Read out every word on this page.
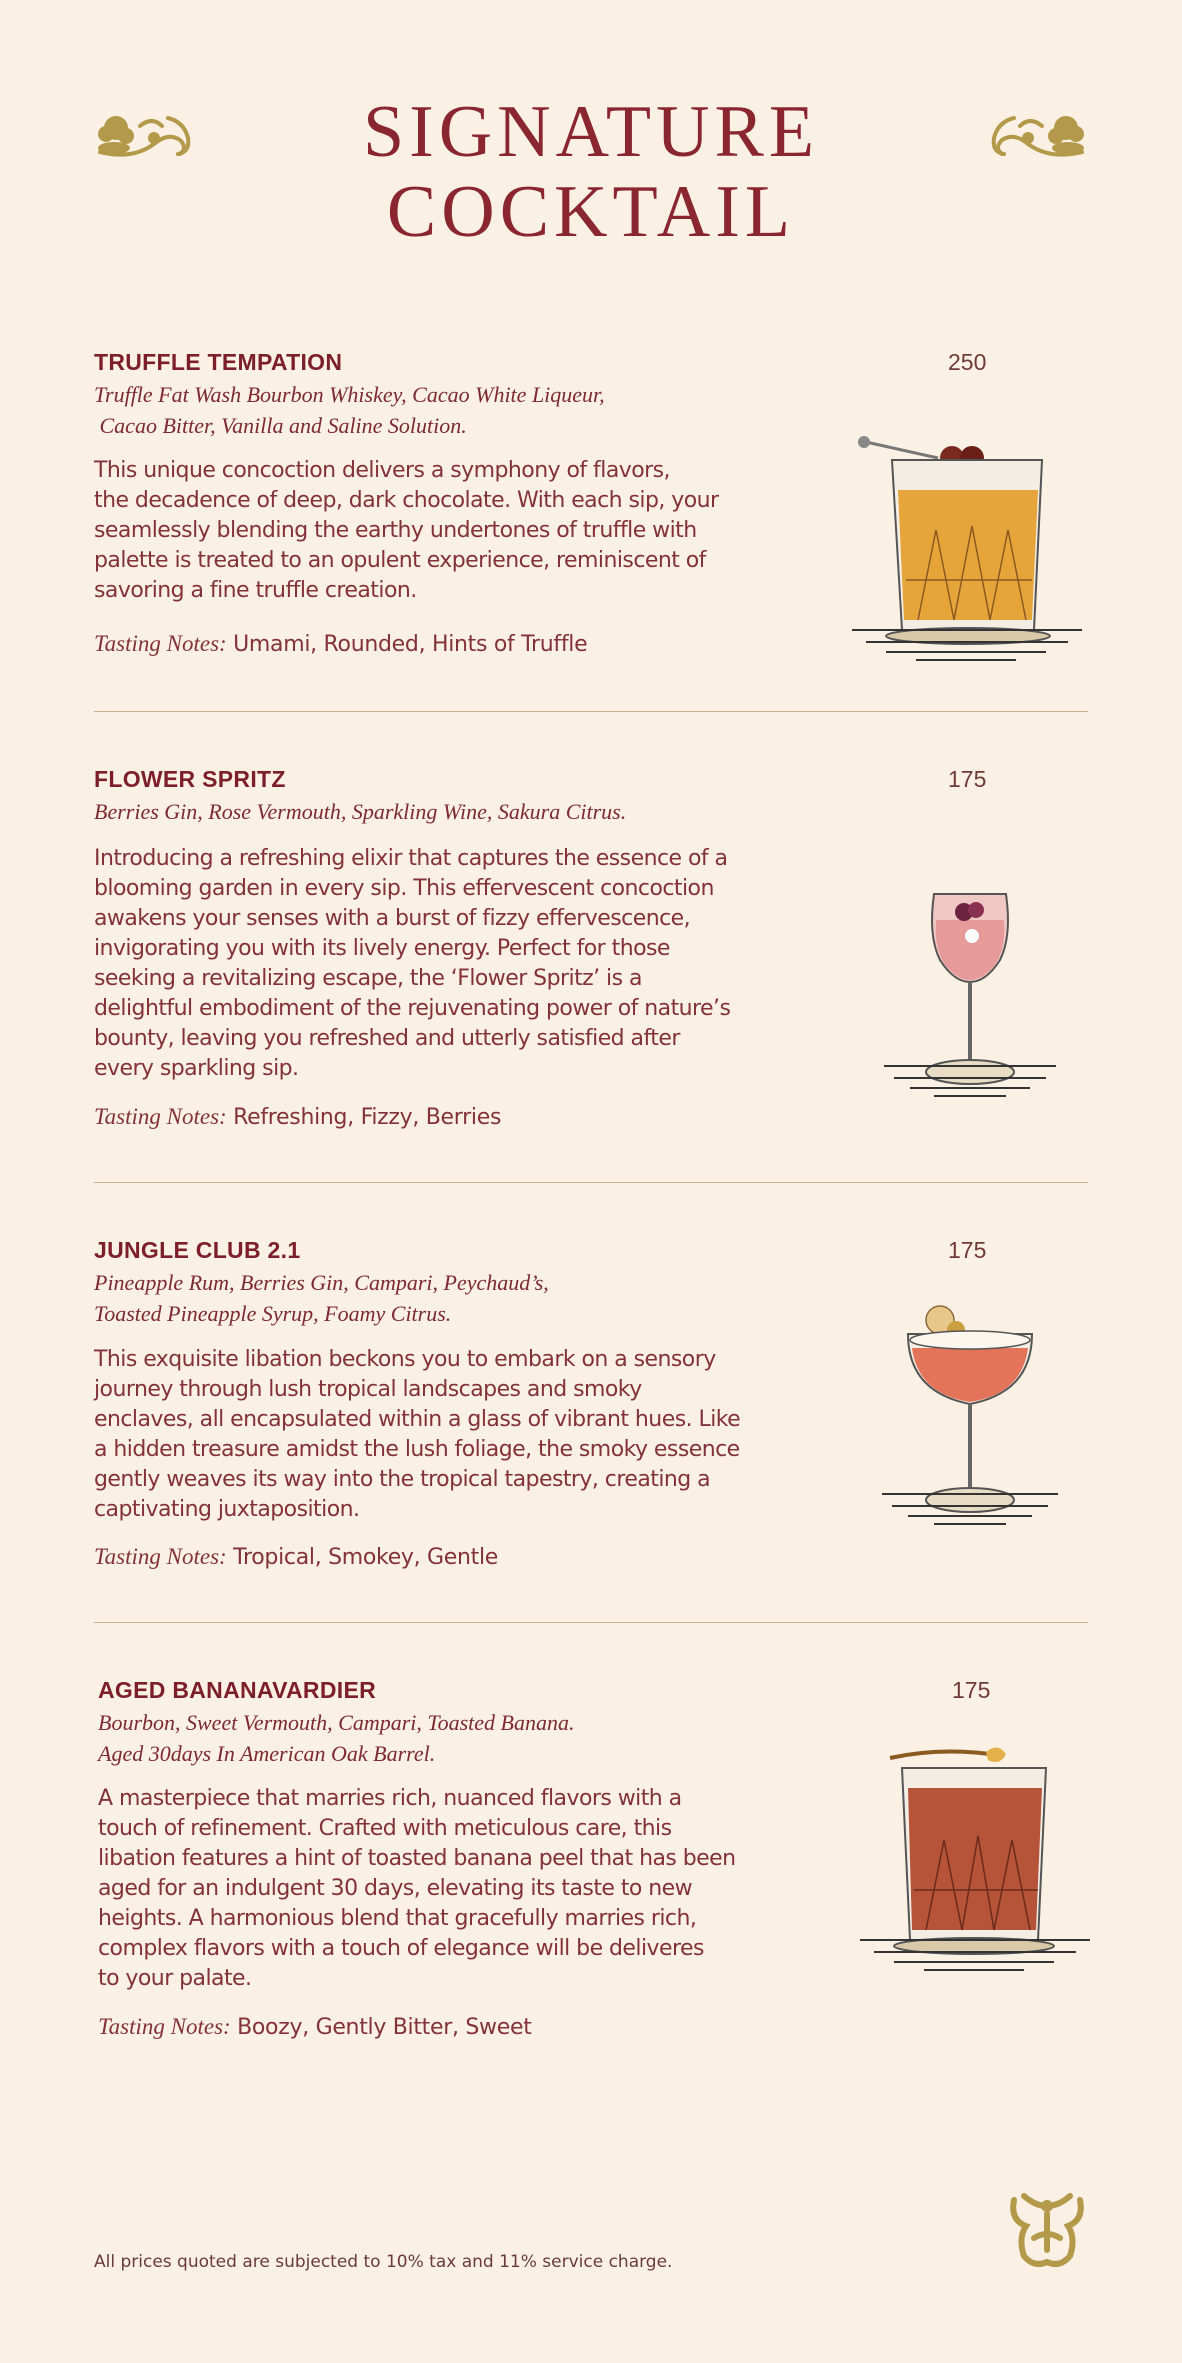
SIGNATURE
COCKTAIL
TRUFFLE TEMPATION	250
Truffle Fat Wash Bourbon Whiskey, Cacao White Liqueur,
Cacao Bitter, Vanilla and Saline Solution.
This unique concoction delivers a symphony of flavors,
the decadence of deep, dark chocolate. With each sip, your
seamlessly blending the earthy undertones of truffle with
palette is treated to an opulent experience, reminiscent of
savoring a fine truffle creation.
Tasting Notes: Umami, Rounded, Hints of Truffle
FLOWER SPRITZ	175
Berries Gin, Rose Vermouth, Sparkling Wine, Sakura Citrus.
Introducing a refreshing elixir that captures the essence of a
blooming garden in every sip. This effervescent concoction
awakens your senses with a burst of fizzy effervescence,
invigorating you with its lively energy. Perfect for those
seeking a revitalizing escape, the ‘Flower Spritz’ is a
delightful embodiment of the rejuvenating power of nature’s
bounty, leaving you refreshed and utterly satisfied after
every sparkling sip.
Tasting Notes: Refreshing, Fizzy, Berries
JUNGLE CLUB 2.1	175
Pineapple Rum, Berries Gin, Campari, Peychaud’s,
Toasted Pineapple Syrup, Foamy Citrus.
This exquisite libation beckons you to embark on a sensory
journey through lush tropical landscapes and smoky
enclaves, all encapsulated within a glass of vibrant hues. Like
a hidden treasure amidst the lush foliage, the smoky essence
gently weaves its way into the tropical tapestry, creating a
captivating juxtaposition.
Tasting Notes: Tropical, Smokey, Gentle
AGED BANANAVARDIER	175
Bourbon, Sweet Vermouth, Campari, Toasted Banana.
Aged 30days In American Oak Barrel.
A masterpiece that marries rich, nuanced flavors with a
touch of refinement. Crafted with meticulous care, this
libation features a hint of toasted banana peel that has been
aged for an indulgent 30 days, elevating its taste to new
heights. A harmonious blend that gracefully marries rich,
complex flavors with a touch of elegance will be deliveres
to your palate.
Tasting Notes: Boozy, Gently Bitter, Sweet
All prices quoted are subjected to 10% tax and 11% service charge.
